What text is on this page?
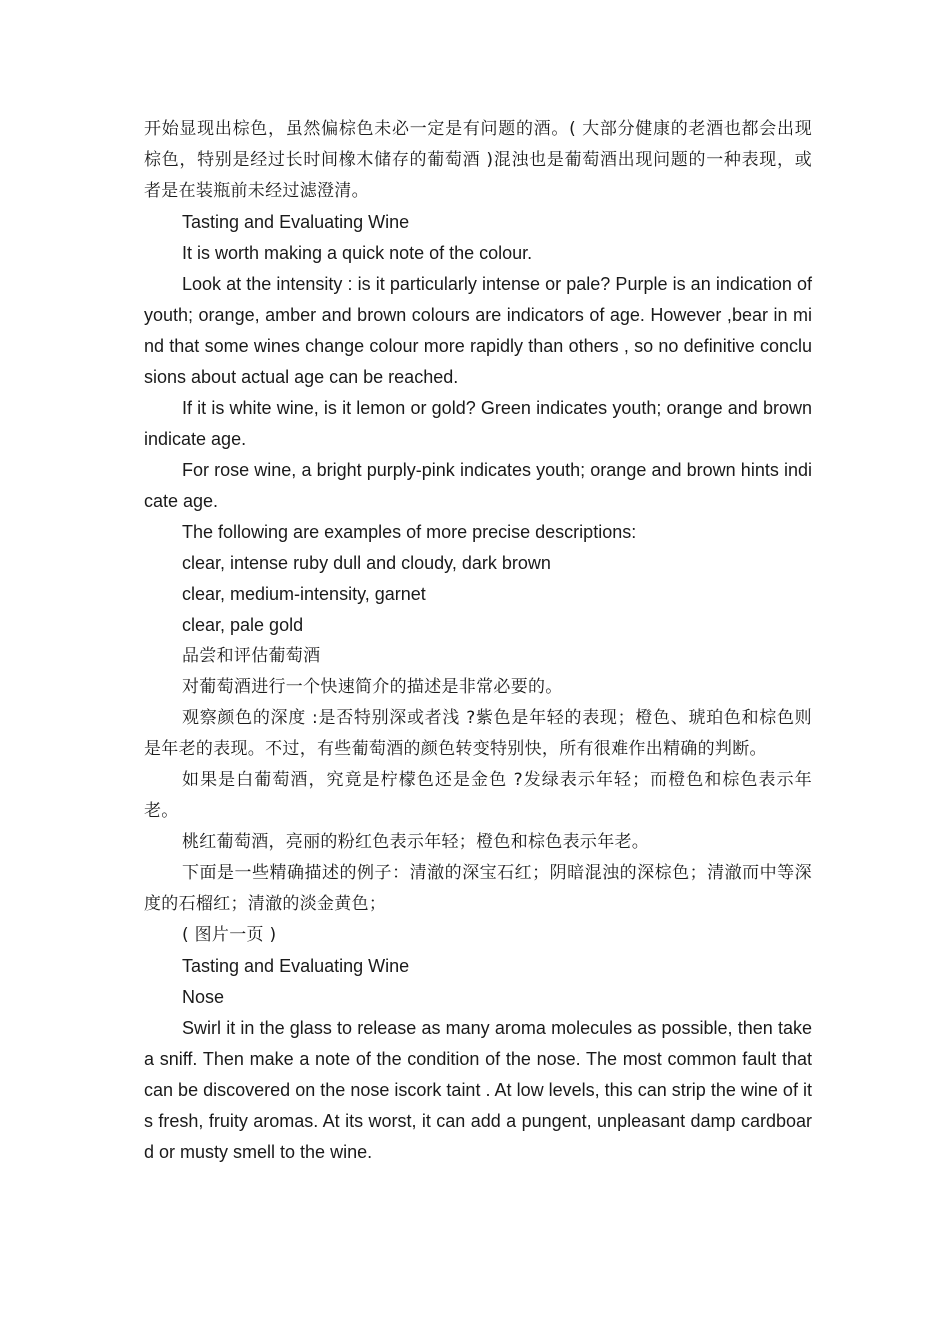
开始显现出棕色，虽然偏棕色未必一定是有问题的酒。( 大部分健康的老酒也都会出现棕色，特别是经过长时间橡木储存的葡萄酒 )混浊也是葡萄酒出现问题的一种表现，或者是在装瓶前未经过滤澄清。

Tasting and Evaluating Wine

It is worth making a quick note of the colour.

Look at the intensity : is it particularly intense or pale? Purple is an indication of youth; orange, amber and brown colours are indicators of age. However ,bear in mind that some wines change colour more rapidly than others , so no definitive conclusions about actual age can be reached.

If it is white wine, is it lemon or gold? Green indicates youth; orange and brown indicate age.

For rose wine, a bright purply-pink indicates youth; orange and brown hints indicate age.

The following are examples of more precise descriptions:

clear, intense ruby dull and cloudy, dark brown

clear, medium-intensity, garnet

clear, pale gold

品尝和评估葡萄酒

对葡萄酒进行一个快速简介的描述是非常必要的。

观察颜色的深度 :是否特别深或者浅 ?紫色是年轻的表现；橙色、琥珀色和棕色则是年老的表现。不过，有些葡萄酒的颜色转变特别快，所有很难作出精确的判断。

如果是白葡萄酒，究竟是柠檬色还是金色 ?发绿表示年轻；而橙色和棕色表示年老。

桃红葡萄酒，亮丽的粉红色表示年轻；橙色和棕色表示年老。

下面是一些精确描述的例子：清澈的深宝石红；阴暗混浊的深棕色；清澈而中等深度的石榴红；清澈的淡金黄色；

( 图片一页 )

Tasting and Evaluating Wine

Nose

Swirl it in the glass to release as many aroma molecules as possible, then take a sniff. Then make a note of the condition of the nose. The most common fault that can be discovered on the nose iscork taint . At low levels, this can strip the wine of its fresh, fruity aromas. At its worst, it can add a pungent, unpleasant damp cardboard or musty smell to the wine.
